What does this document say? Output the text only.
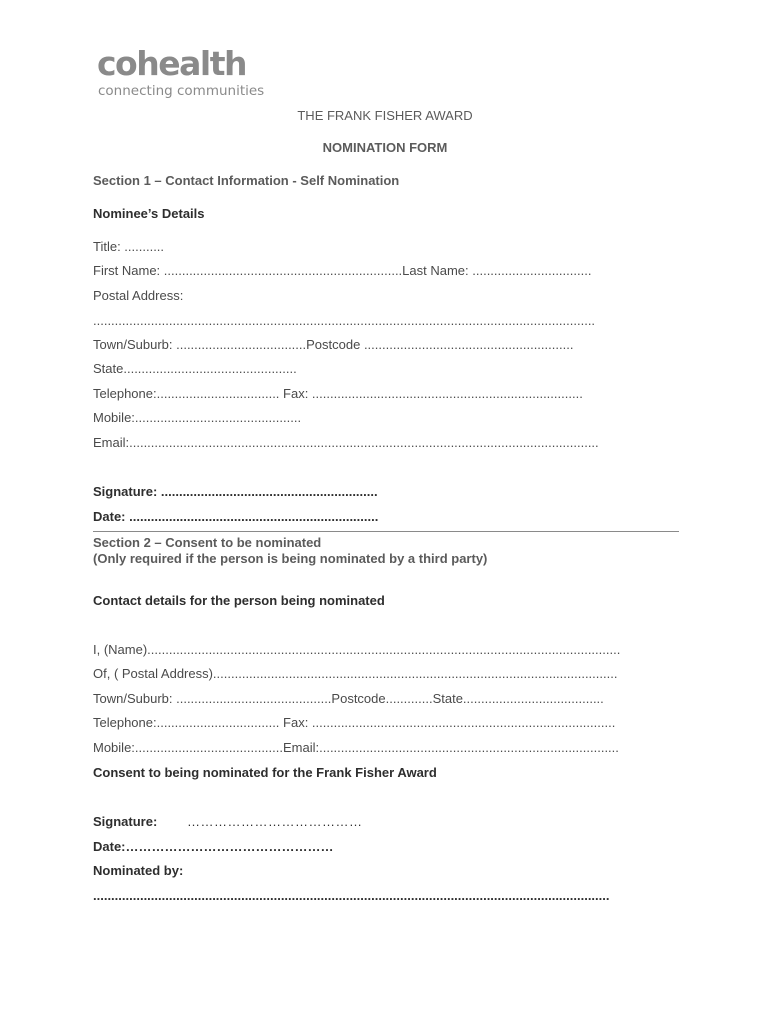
cohealth
connecting communities
THE FRANK FISHER AWARD
NOMINATION FORM
Section 1 – Contact Information - Self Nomination
Nominee’s Details
Title: ...........
First Name: ..................................................................Last Name: .................................
Postal Address:
...........................................................................................................................................
Town/Suburb: ....................................Postcode ..........................................................
State................................................
Telephone:.................................. Fax: ...........................................................................
Mobile:..............................................
Email:..................................................................................................................................
Signature: ............................................................
Date: .....................................................................
Section 2 – Consent to be nominated
(Only required if the person is being nominated by a third party)
Contact details for the person being nominated
I, (Name)...................................................................................................................................
Of, ( Postal Address)................................................................................................................
Town/Suburb: ...........................................Postcode.............State.......................................
Telephone:.................................. Fax: ....................................................................................
Mobile:.........................................Email:...................................................................................
Consent to being nominated for the Frank Fisher Award
Signature: …………………………………
Date:…………………………………………
Nominated by:
...............................................................................................................................................
